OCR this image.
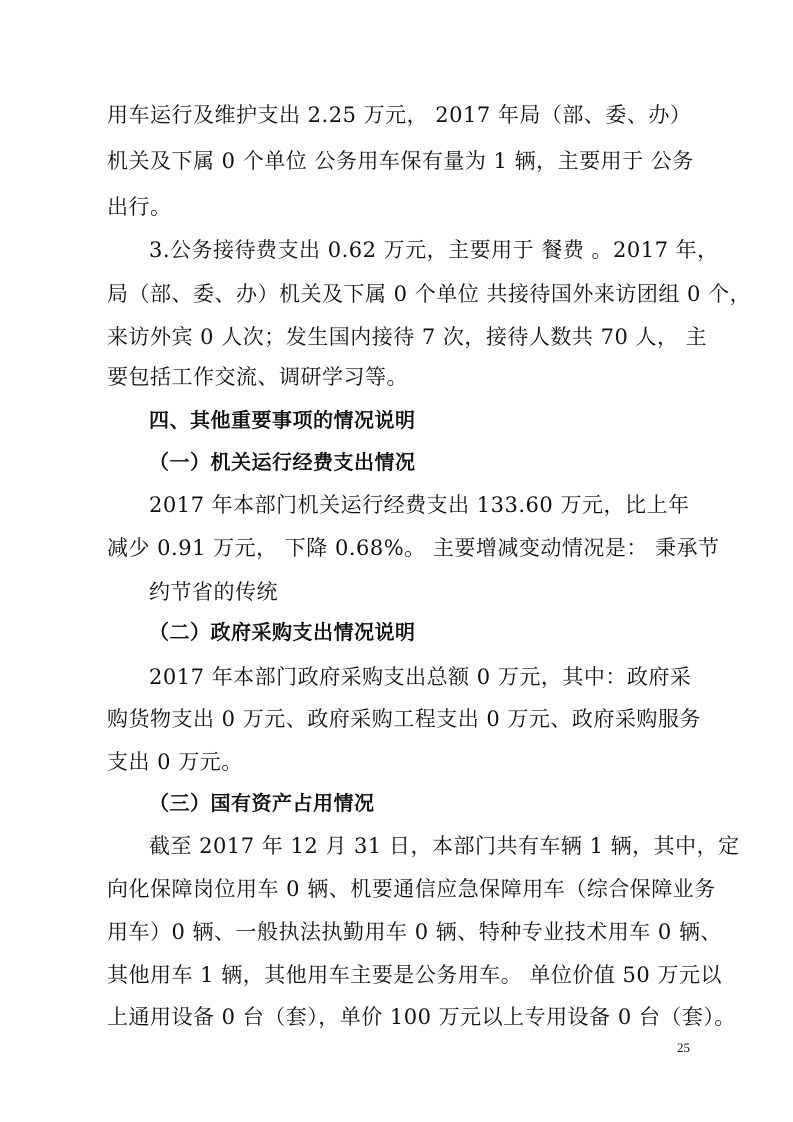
用车运行及维护支出 2.25 万元， 2017 年局（部、委、办）
机关及下属 0 个单位 公务用车保有量为 1 辆，主要用于 公务
出行。
3.公务接待费支出 0.62 万元，主要用于 餐费 。2017 年，
局（部、委、办）机关及下属 0 个单位 共接待国外来访团组 0 个，
来访外宾 0 人次；发生国内接待 7 次，接待人数共 70 人， 主
要包括工作交流、调研学习等。
四、其他重要事项的情况说明
（一）机关运行经费支出情况
2017 年本部门机关运行经费支出 133.60 万元，比上年
减少 0.91 万元， 下降 0.68%。 主要增减变动情况是： 秉承节
约节省的传统
（二）政府采购支出情况说明
2017 年本部门政府采购支出总额 0 万元，其中：政府采
购货物支出 0 万元、政府采购工程支出 0 万元、政府采购服务
支出 0 万元。
（三）国有资产占用情况
截至 2017 年 12 月 31 日，本部门共有车辆 1 辆，其中，定
向化保障岗位用车 0 辆、机要通信应急保障用车（综合保障业务
用车）0 辆、一般执法执勤用车 0 辆、特种专业技术用车 0 辆、
其他用车 1 辆，其他用车主要是公务用车。 单位价值 50 万元以
上通用设备 0 台（套），单价 100 万元以上专用设备 0 台（套）。
25
